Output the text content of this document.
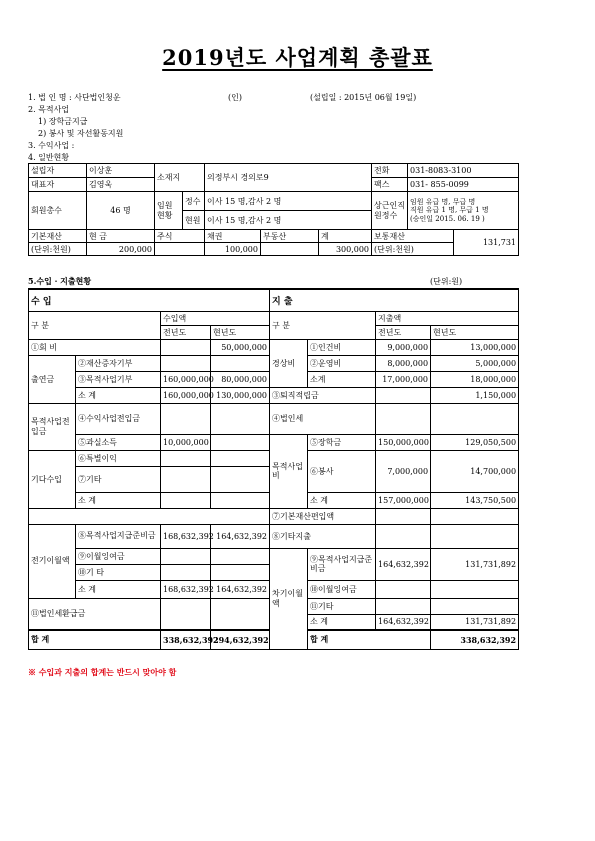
2019년도 사업계획 총괄표
1. 법 인 명 : 사단법인청운	(인)	(설립일 : 2015년 06월 19일)
2. 목적사업
1) 장학금지급
2) 봉사 및 자선활동지원
3. 수익사업 :
4. 일반현황
설립자	이상훈	소재지		의정부시 경의로9			전화	031-8083-3100	
대표자	김영욱						팩스	031- 855-0099	
회원총수	46 명	임원현황	정수	이사 15 명,감사 2 명			상근인직원정수	임원 유급 명, 무급 명
직원 유급 1 명, 무급 1 명
(승인일 2015. 06. 19 )	

			현원	이사 15 명,감사 2 명					
기본재산	현 금	주식		채권	부동산	계	보통재산		131,731
(단위:천원)	200,000			100,000		300,000	(단위:천원)		
5.수입 · 지출현황	(단위:원)
수 입				지 출				
구 분		수입액		구 분		지출액		
		전년도	현년도			전년도	현년도	
①회 비			50,000,000	경상비	①인건비	9,000,000	13,000,000	
출연금	②재산증자기부				②운영비	8,000,000	5,000,000	
	③목적사업기부	160,000,000	80,000,000		소계	17,000,000	18,000,000	
	소 계	160,000,000	130,000,000	③퇴직적립금			1,150,000	
목적사업전입금	④수익사업전입금			④법인세				
	⑤과실소득	10,000,000		목적사업비	⑤장학금	150,000,000	129,050,500	
기다수입	⑥특별이익				⑥봉사	7,000,000	14,700,000	
	⑦기타							
	소 계				소 계	157,000,000	143,750,500	
				⑦기본재산편입액				
전기이월액	⑧목적사업지급준비금	168,632,392	164,632,392	⑧기타지출				
	⑨이월잉여금			차기이월액	⑨목적사업지급준비금	164,632,392	131,731,892	
	⑩기 타							
	소 계	168,632,392	164,632,392		⑩이월잉여금			
⑪법인세환급금					⑪기타			
					소 계	164,632,392	131,731,892	
합 계		338,632,392	294,632,392		합 계		338,632,392	
※ 수입과 지출의 합계는 반드시 맞아야 함
